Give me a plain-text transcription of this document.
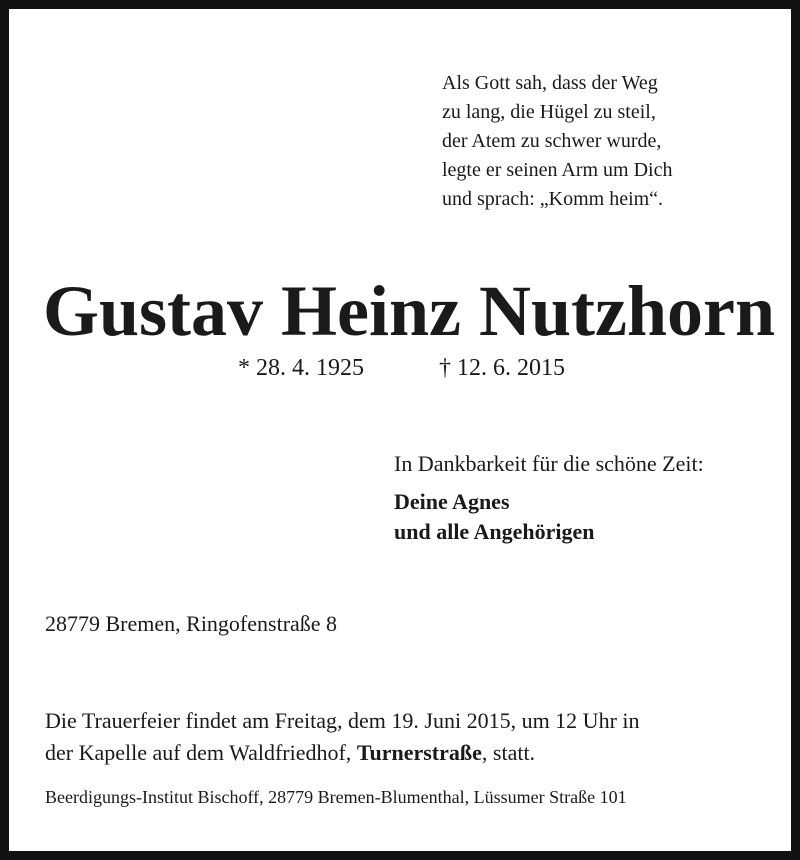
Als Gott sah, dass der Weg
zu lang, die Hügel zu steil,
der Atem zu schwer wurde,
legte er seinen Arm um Dich
und sprach: „Komm heim“.
Gustav Heinz Nutzhorn
* 28. 4. 1925	† 12. 6. 2015
In Dankbarkeit für die schöne Zeit:
Deine Agnes
und alle Angehörigen
28779 Bremen, Ringofenstraße 8
Die Trauerfeier findet am Freitag, dem 19. Juni 2015, um 12 Uhr in
der Kapelle auf dem Waldfriedhof, Turnerstraße, statt.
Beerdigungs-Institut Bischoff, 28779 Bremen-Blumenthal, Lüssumer Straße 101
